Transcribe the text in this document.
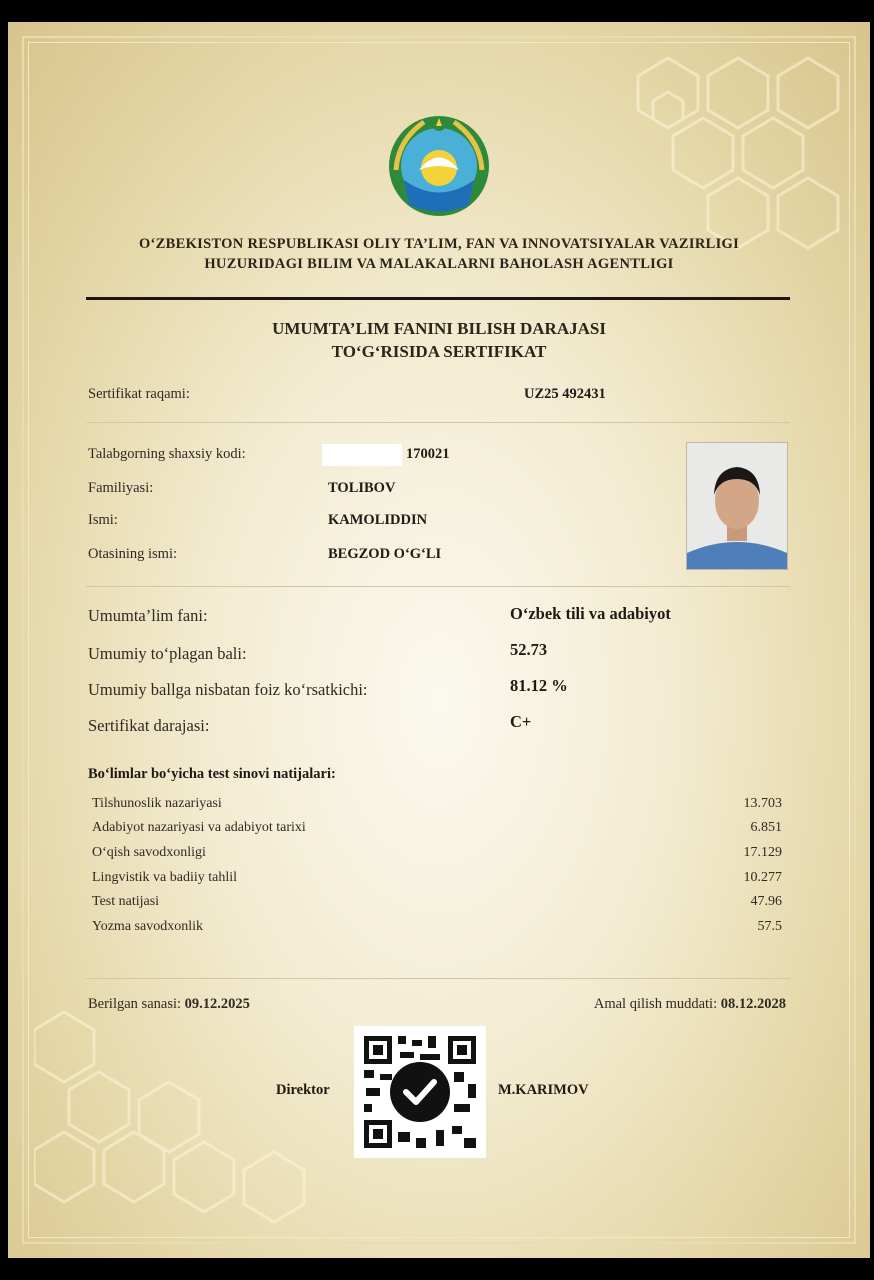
O‘ZBEKISTON RESPUBLIKASI OLIY TA’LIM, FAN VA INNOVATSIYALAR VAZIRLIGI
HUZURIDAGI BILIM VA MALAKALARNI BAHOLASH AGENTLIGI
UMUMTA’LIM FANINI BILISH DARAJASI
TO‘G‘RISIDA SERTIFIKAT
Sertifikat raqami:	UZ25 492431
Talabgorning shaxsiy kodi:	170021
Familiyasi:	TOLIBOV
Ismi:	KAMOLIDDIN
Otasining ismi:	BEGZOD O‘G‘LI
Umumta’lim fani:	O‘zbek tili va adabiyot
Umumiy to‘plagan bali:	52.73
Umumiy ballga nisbatan foiz ko‘rsatkichi:	81.12 %
Sertifikat darajasi:	C+
Bo‘limlar bo‘yicha test sinovi natijalari:
Tilshunoslik nazariyasi	13.703
Adabiyot nazariyasi va adabiyot tarixi	6.851
O‘qish savodxonligi	17.129
Lingvistik va badiiy tahlil	10.277
Test natijasi	47.96
Yozma savodxonlik	57.5
Berilgan sanasi: 09.12.2025	Amal qilish muddati: 08.12.2028
Direktor	M.KARIMOV
